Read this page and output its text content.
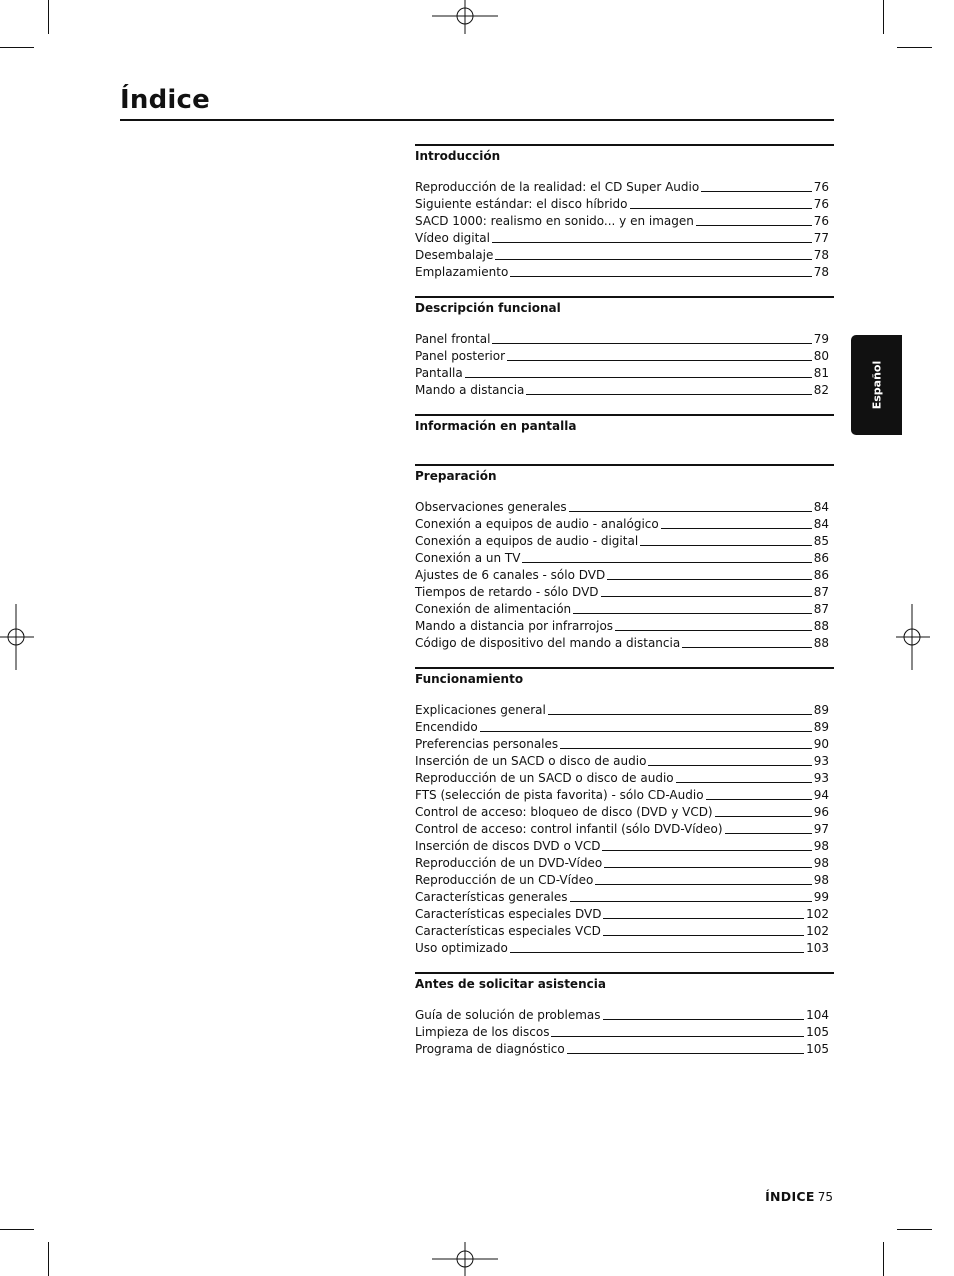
Índice
Introducción
Reproducción de la realidad: el CD Super Audio	76
Siguiente estándar: el disco híbrido	76
SACD 1000: realismo en sonido... y en imagen	76
Vídeo digital	77
Desembalaje	78
Emplazamiento	78
Descripción funcional
Panel frontal	79
Panel posterior	80
Pantalla	81
Mando a distancia	82
Información en pantalla
Preparación
Observaciones generales	84
Conexión a equipos de audio - analógico	84
Conexión a equipos de audio - digital	85
Conexión a un TV	86
Ajustes de 6 canales - sólo DVD	86
Tiempos de retardo - sólo DVD	87
Conexión de alimentación	87
Mando a distancia por infrarrojos	88
Código de dispositivo del mando a distancia	88
Funcionamiento
Explicaciones general	89
Encendido	89
Preferencias personales	90
Inserción de un SACD o disco de audio	93
Reproducción de un SACD o disco de audio	93
FTS (selección de pista favorita) - sólo CD-Audio	94
Control de acceso: bloqueo de disco (DVD y VCD)	96
Control de acceso: control infantil (sólo DVD-Vídeo)	97
Inserción de discos DVD o VCD	98
Reproducción de un DVD-Vídeo	98
Reproducción de un CD-Vídeo	98
Características generales	99
Características especiales DVD	102
Características especiales VCD	102
Uso optimizado	103
Antes de solicitar asistencia
Guía de solución de problemas	104
Limpieza de los discos	105
Programa de diagnóstico	105
Español
ÍNDICE 75
